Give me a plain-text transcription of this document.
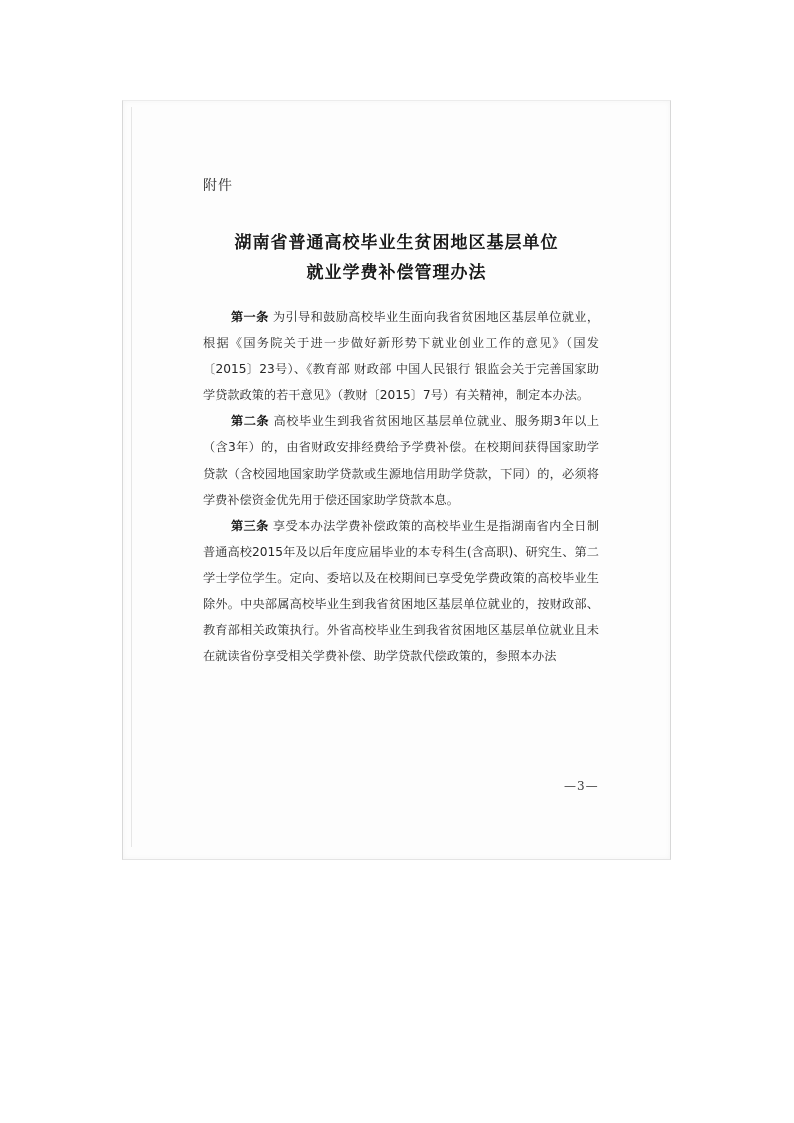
附件
湖南省普通高校毕业生贫困地区基层单位
就业学费补偿管理办法

第一条 为引导和鼓励高校毕业生面向我省贫困地区基层单位就业，根据《国务院关于进一步做好新形势下就业创业工作的意见》（国发〔2015〕23号）、《教育部 财政部 中国人民银行 银监会关于完善国家助学贷款政策的若干意见》（教财〔2015〕7号）有关精神，制定本办法。

第二条 高校毕业生到我省贫困地区基层单位就业、服务期3年以上（含3年）的，由省财政安排经费给予学费补偿。在校期间获得国家助学贷款（含校园地国家助学贷款或生源地信用助学贷款，下同）的，必须将学费补偿资金优先用于偿还国家助学贷款本息。

第三条 享受本办法学费补偿政策的高校毕业生是指湖南省内全日制普通高校2015年及以后年度应届毕业的本专科生(含高职)、研究生、第二学士学位学生。定向、委培以及在校期间已享受免学费政策的高校毕业生除外。中央部属高校毕业生到我省贫困地区基层单位就业的，按财政部、教育部相关政策执行。外省高校毕业生到我省贫困地区基层单位就业且未在就读省份享受相关学费补偿、助学贷款代偿政策的，参照本办法

—3—
